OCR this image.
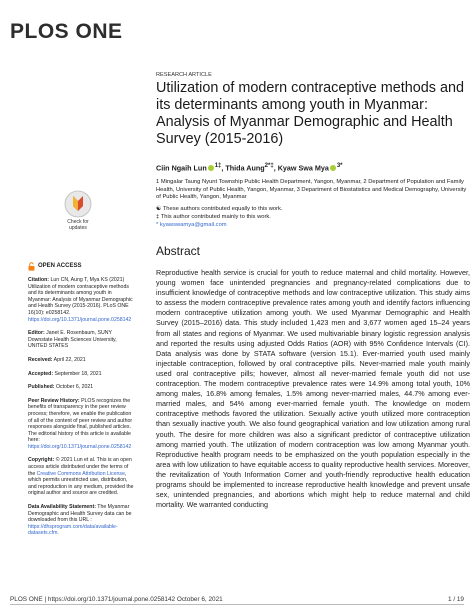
PLOS ONE
RESEARCH ARTICLE
Utilization of modern contraceptive methods and its determinants among youth in Myanmar: Analysis of Myanmar Demographic and Health Survey (2015-2016)
Ciin Ngaih Lun $^{1\ddagger}$, Thida Aung$^{2*\ddagger}$, Kyaw Swa Mya $^{3*}$
1 Mingalar Taung Nyunt Township Public Health Department, Yangon, Myanmar, 2 Department of Population and Family Health, University of Public Health, Yangon, Myanmar, 3 Department of Biostatistics and Medical Demography, University of Public Health, Yangon, Myanmar
☯ These authors contributed equally to this work.
‡ This author contributed mainly to this work.
* kyawswamya@gmail.com
Abstract
Reproductive health service is crucial for youth to reduce maternal and child mortality. However, young women face unintended pregnancies and pregnancy-related complications due to insufficient knowledge of contraceptive methods and low contraceptive utilization. This study aims to assess the modern contraceptive prevalence rates among youth and identify factors influencing modern contraceptive utilization among youth. We used Myanmar Demographic and Health Survey (2015–2016) data. This study included 1,423 men and 3,677 women aged 15–24 years from all states and regions of Myanmar. We used multivariable binary logistic regression analysis and reported the results using adjusted Odds Ratios (AOR) with 95% Confidence Intervals (CI). Data analysis was done by STATA software (version 15.1). Ever-married youth used mainly injectable contraception, followed by oral contraceptive pills. Never-married male youth mainly used oral contraceptive pills; however, almost all never-married female youth did not use contraception. The modern contraceptive prevalence rates were 14.9% among total youth, 10% among males, 16.8% among females, 1.5% among never-married males, 44.7% among ever-married males, and 54% among ever-married female youth. The knowledge on modern contraceptive methods favored the utilization. Sexually active youth utilized more contraception than sexually inactive youth. We also found geographical variation and low utilization among rural youth. The desire for more children was also a significant predictor of contraceptive utilization among married youth. The utilization of modern contraception was low among Myanmar youth. Reproductive health program needs to be emphasized on the youth population especially in the area with low utilization to have equitable access to quality reproductive health services. Moreover, the revitalization of Youth Information Corner and youth-friendly reproductive health education programs should be implemented to increase reproductive health knowledge and prevent unsafe sex, unintended pregnancies, and abortions which might help to reduce maternal and child mortality. We warranted conducting
Check for
updates
OPEN ACCESS
Citation: Lun CN, Aung T, Mya KS (2021) Utilization of modern contraceptive methods and its determinants among youth in Myanmar: Analysis of Myanmar Demographic and Health Survey (2015-2016). PLoS ONE 16(10): e0258142. https://doi.org/10.1371/journal.pone.0258142
Editor: Janet E. Rosenbaum, SUNY Downstate Health Sciences University, UNITED STATES
Received: April 22, 2021
Accepted: September 18, 2021
Published: October 6, 2021
Peer Review History: PLOS recognizes the benefits of transparency in the peer review process; therefore, we enable the publication of all of the content of peer review and author responses alongside final, published articles. The editorial history of this article is available here: https://doi.org/10.1371/journal.pone.0258142
Copyright: © 2021 Lun et al. This is an open access article distributed under the terms of the Creative Commons Attribution License, which permits unrestricted use, distribution, and reproduction in any medium, provided the original author and source are credited.
Data Availability Statement: The Myanmar Demographic and Health Survey data can be downloaded from this URL : https://dhsprogram.com/data/available-datasets.cfm.
PLOS ONE | https://doi.org/10.1371/journal.pone.0258142 October 6, 2021	1 / 19
